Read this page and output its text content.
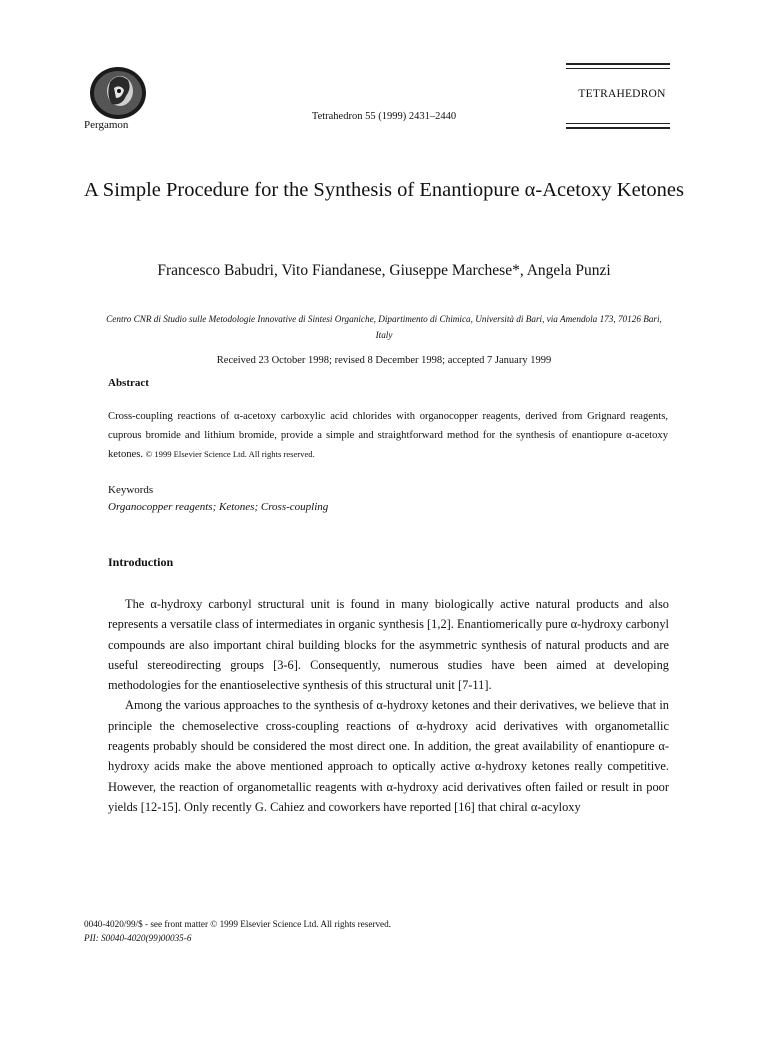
Pergamon
Tetrahedron 55 (1999) 2431–2440
TETRAHEDRON
A Simple Procedure for the Synthesis of Enantiopure α-Acetoxy Ketones
Francesco Babudri, Vito Fiandanese, Giuseppe Marchese*, Angela Punzi
Centro CNR di Studio sulle Metodologie Innovative di Sintesi Organiche, Dipartimento di Chimica, Università di Bari, via Amendola 173, 70126 Bari, Italy
Received 23 October 1998; revised 8 December 1998; accepted 7 January 1999
Abstract
Cross-coupling reactions of α-acetoxy carboxylic acid chlorides with organocopper reagents, derived from Grignard reagents, cuprous bromide and lithium bromide, provide a simple and straightforward method for the synthesis of enantiopure α-acetoxy ketones. © 1999 Elsevier Science Ltd. All rights reserved.
Keywords
Organocopper reagents; Ketones; Cross-coupling
Introduction

The α-hydroxy carbonyl structural unit is found in many biologically active natural products and also represents a versatile class of intermediates in organic synthesis [1,2]. Enantiomerically pure α-hydroxy carbonyl compounds are also important chiral building blocks for the asymmetric synthesis of natural products and are useful stereodirecting groups [3-6]. Consequently, numerous studies have been aimed at developing methodologies for the enantioselective synthesis of this structural unit [7-11].

Among the various approaches to the synthesis of α-hydroxy ketones and their derivatives, we believe that in principle the chemoselective cross-coupling reactions of α-hydroxy acid derivatives with organometallic reagents probably should be considered the most direct one. In addition, the great availability of enantiopure α-hydroxy acids make the above mentioned approach to optically active α-hydroxy ketones really competitive. However, the reaction of organometallic reagents with α-hydroxy acid derivatives often failed or result in poor yields [12-15]. Only recently G. Cahiez and coworkers have reported [16] that chiral α-acyloxy

0040-4020/99/$ - see front matter © 1999 Elsevier Science Ltd. All rights reserved.
PII: S0040-4020(99)00035-6
